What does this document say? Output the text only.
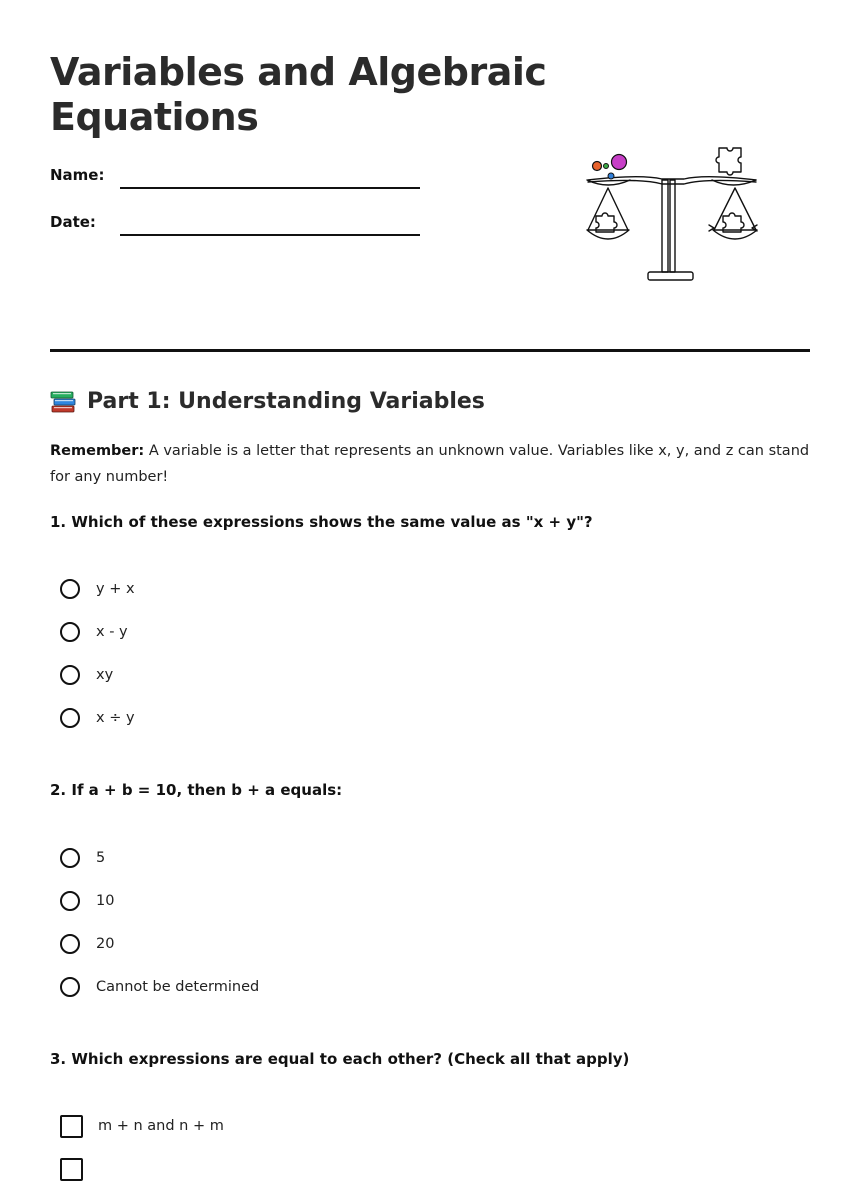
Variables and Algebraic Equations
Name:
Date:
Part 1: Understanding Variables

Remember: A variable is a letter that represents an unknown value. Variables like x, y, and z can stand for any number!

1. Which of these expressions shows the same value as "x + y"?

y + x
x - y
xy
x ÷ y

2. If a + b = 10, then b + a equals:

5
10
20
Cannot be determined

3. Which expressions are equal to each other? (Check all that apply)

m + n and n + m
